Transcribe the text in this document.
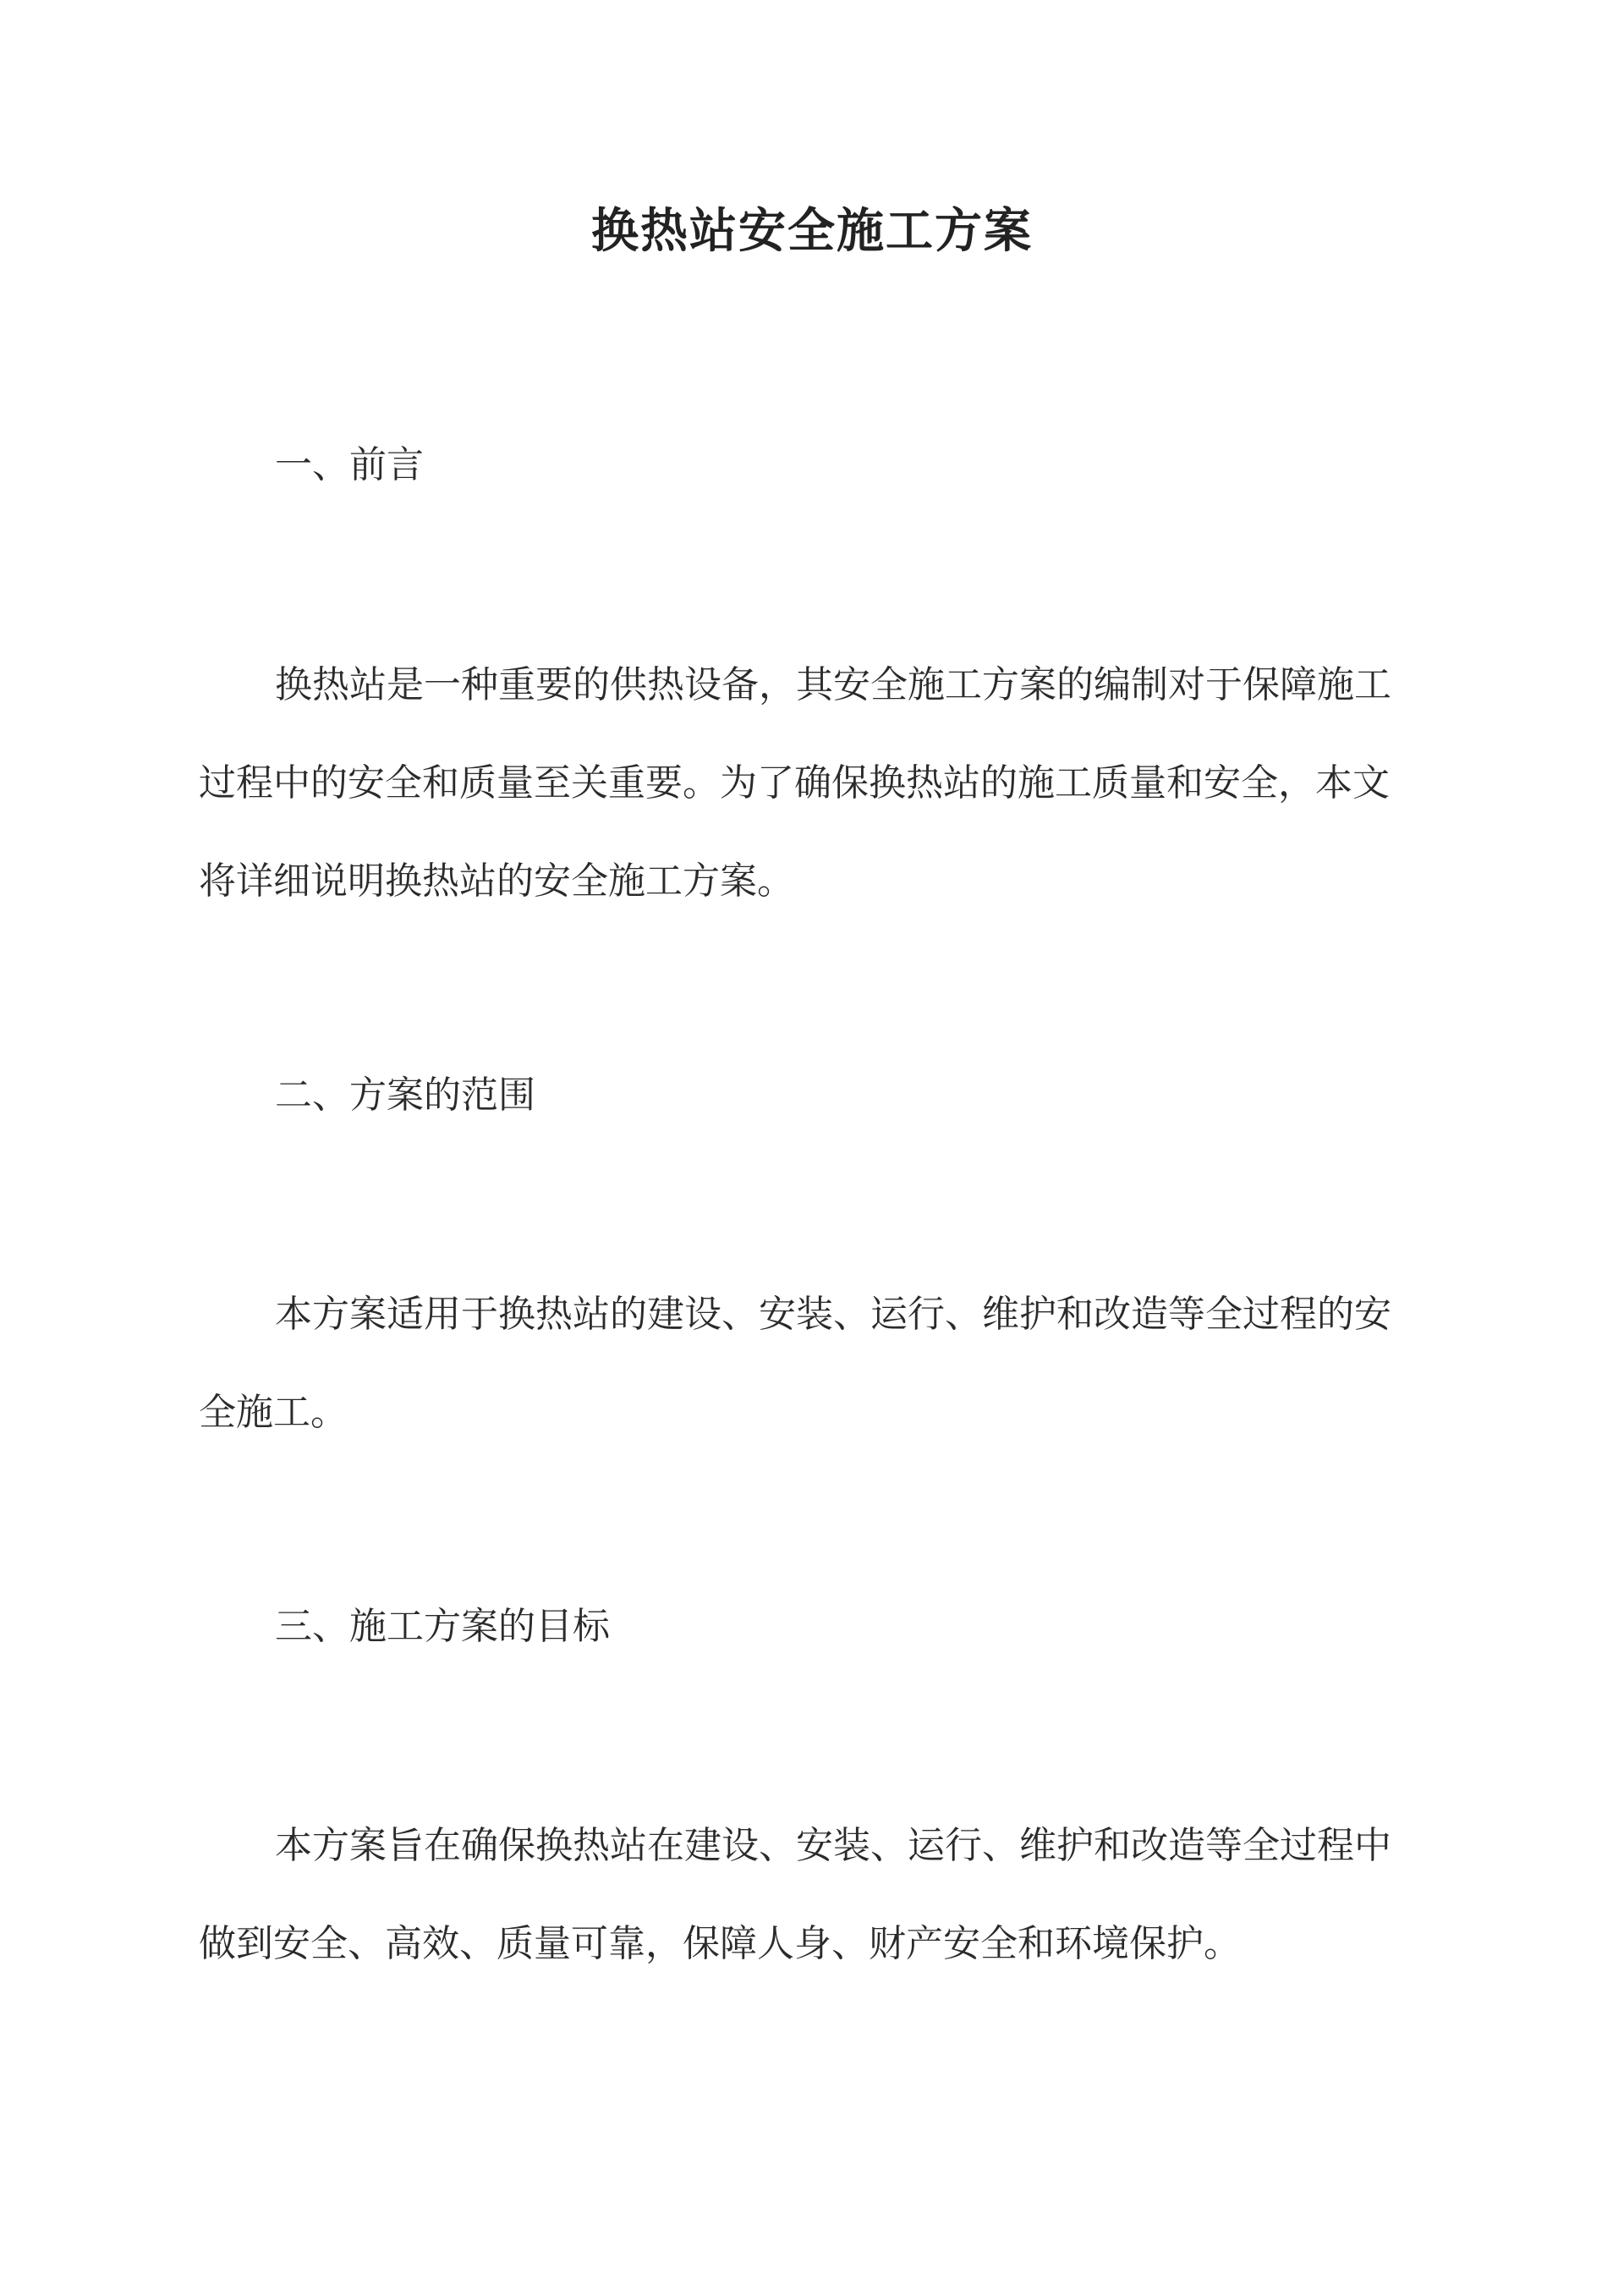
换热站安全施工方案
一、前言
换热站是一种重要的供热设备，其安全施工方案的编制对于保障施工
过程中的安全和质量至关重要。为了确保换热站的施工质量和安全，本文
将详细说明换热站的安全施工方案。
二、方案的范围
本方案适用于换热站的建设、安装、运行、维护和改造等全过程的安
全施工。
三、施工方案的目标
本方案旨在确保换热站在建设、安装、运行、维护和改造等全过程中
做到安全、高效、质量可靠，保障人身、财产安全和环境保护。
